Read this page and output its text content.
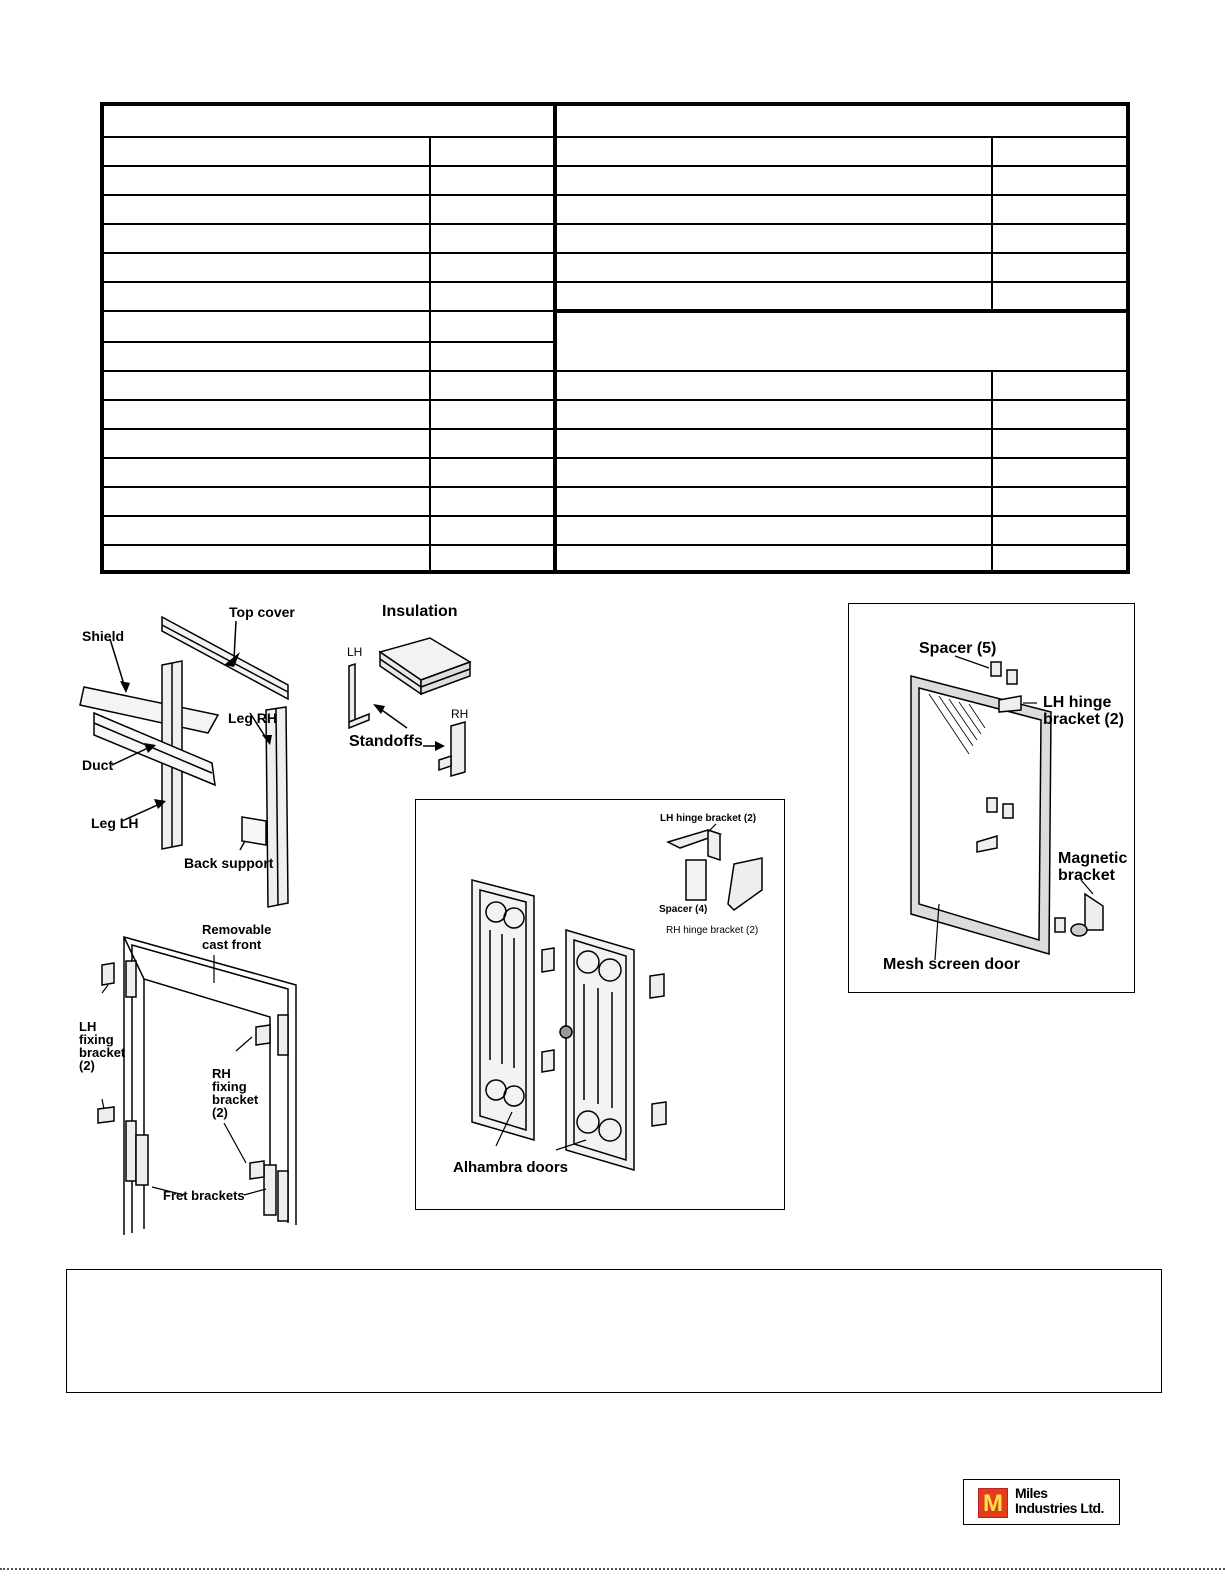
Top cover
Shield
Leg RH
Duct
Leg LH
Back support
Insulation
LH
RH
Standoffs
Removable
cast front
LH
fixing
bracket
(2)
RH
fixing
bracket
(2)
Fret brackets
LH hinge bracket (2)
Spacer (4)
RH hinge bracket (2)
Alhambra doors
Spacer (5)
LH hinge
bracket (2)
Magnetic
bracket
Mesh screen door
M Miles
Industries Ltd.
